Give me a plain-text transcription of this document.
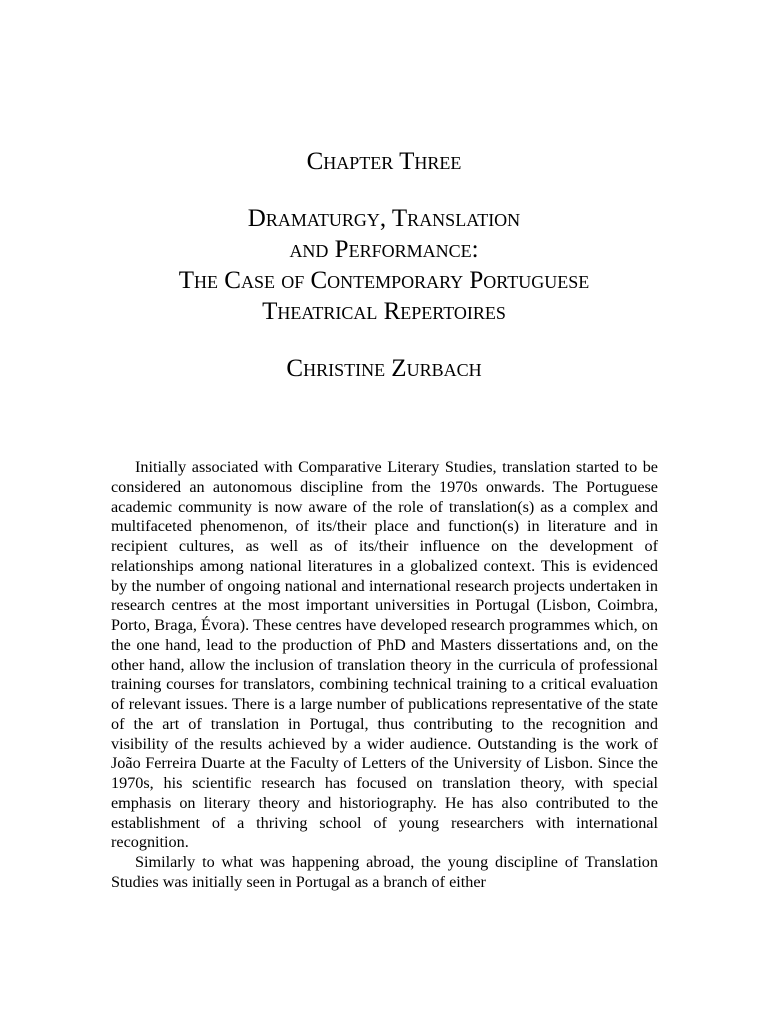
Chapter Three
Dramaturgy, Translation
and Performance:
The Case of Contemporary Portuguese
Theatrical Repertoires
Christine Zurbach

Initially associated with Comparative Literary Studies, translation started to be considered an autonomous discipline from the 1970s onwards. The Portuguese academic community is now aware of the role of translation(s) as a complex and multifaceted phenomenon, of its/their place and function(s) in literature and in recipient cultures, as well as of its/their influence on the development of relationships among national literatures in a globalized context. This is evidenced by the number of ongoing national and international research projects undertaken in research centres at the most important universities in Portugal (Lisbon, Coimbra, Porto, Braga, Évora). These centres have developed research programmes which, on the one hand, lead to the production of PhD and Masters dissertations and, on the other hand, allow the inclusion of translation theory in the curricula of professional training courses for translators, combining technical training to a critical evaluation of relevant issues. There is a large number of publications representative of the state of the art of translation in Portugal, thus contributing to the recognition and visibility of the results achieved by a wider audience. Outstanding is the work of João Ferreira Duarte at the Faculty of Letters of the University of Lisbon. Since the 1970s, his scientific research has focused on translation theory, with special emphasis on literary theory and historiography. He has also contributed to the establishment of a thriving school of young researchers with international recognition.

Similarly to what was happening abroad, the young discipline of Translation Studies was initially seen in Portugal as a branch of either
